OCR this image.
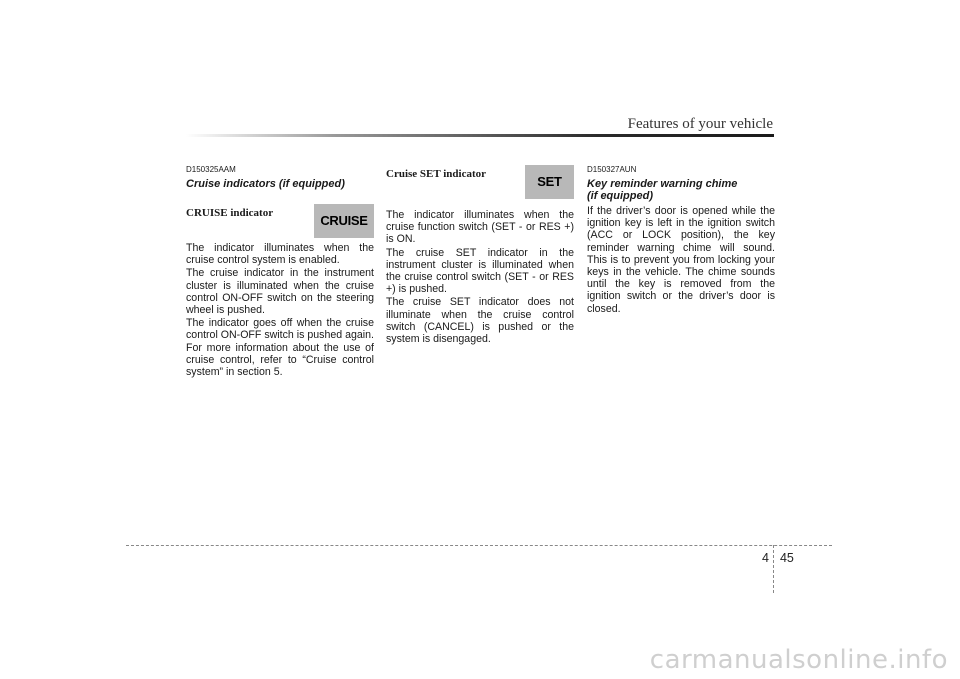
Features of your vehicle
D150325AAM
Cruise indicators (if equipped)
CRUISE indicator	CRUISE

The indicator illuminates when the cruise control system is enabled.

The cruise indicator in the instrument cluster is illuminated when the cruise control ON-OFF switch on the steering wheel is pushed.

The indicator goes off when the cruise control ON-OFF switch is pushed again. For more information about the use of cruise control, refer to “Cruise control system” in section 5.

Cruise SET indicator	SET

The indicator illuminates when the cruise function switch (SET - or RES +) is ON.

The cruise SET indicator in the instrument cluster is illuminated when the cruise control switch (SET - or RES +) is pushed.

The cruise SET indicator does not illuminate when the cruise control switch (CANCEL) is pushed or the system is disengaged.

D150327AUN
Key reminder warning chime
(if equipped)

If the driver’s door is opened while the ignition key is left in the ignition switch (ACC or LOCK position), the key reminder warning chime will sound. This is to prevent you from locking your keys in the vehicle. The chime sounds until the key is removed from the ignition switch or the driver’s door is closed.

4 45
carmanualsonline.info
